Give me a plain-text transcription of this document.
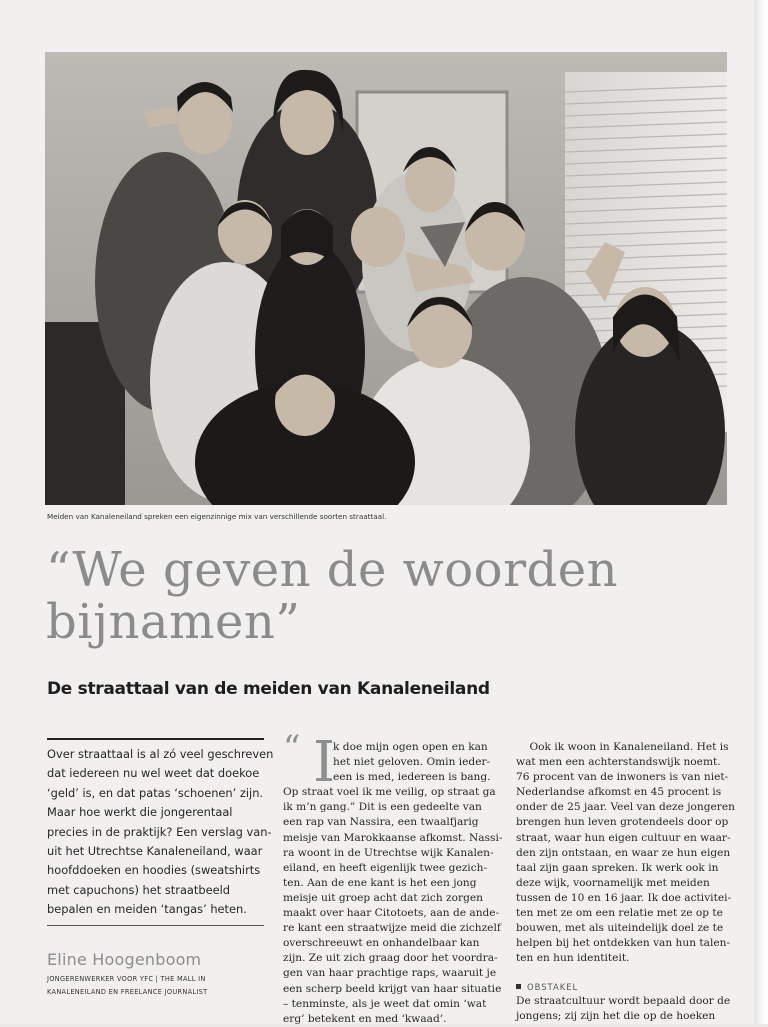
Meiden van Kanaleneiland spreken een eigenzinnige mix van verschillende soorten straattaal.
“We geven de woorden
bijnamen”
De straattaal van de meiden van Kanaleneiland
Over straattaal is al zó veel geschreven
dat iedereen nu wel weet dat doekoe
‘geld’ is, en dat patas ‘schoenen’ zijn.
Maar hoe werkt die jongerentaal
precies in de praktijk? Een verslag van-
uit het Utrechtse Kanaleneiland, waar
hoofddoeken en hoodies (sweatshirts
met capuchons) het straatbeeld
bepalen en meiden ‘tangas’ heten.
Eline Hoogenboom
JONGERENWERKER VOOR YFC | THE MALL IN
KANALENEILAND EN FREELANCE JOURNALIST
“ I
k doe mijn ogen open en kan
het niet geloven. Omin ieder-
een is med, iedereen is bang.
Op straat voel ik me veilig, op straat ga
ik m’n gang.” Dit is een gedeelte van
een rap van Nassira, een twaalfjarig
meisje van Marokkaanse afkomst. Nassi-
ra woont in de Utrechtse wijk Kanalen-
eiland, en heeft eigenlijk twee gezich-
ten. Aan de ene kant is het een jong
meisje uit groep acht dat zich zorgen
maakt over haar Citotoets, aan de ande-
re kant een straatwijze meid die zichzelf
overschreeuwt en onhandelbaar kan
zijn. Ze uit zich graag door het voordra-
gen van haar prachtige raps, waaruit je
een scherp beeld krijgt van haar situatie
– tenminste, als je weet dat omin ‘wat
erg’ betekent en med ‘kwaad’.
Ook ik woon in Kanaleneiland. Het is
wat men een achterstandswijk noemt.
76 procent van de inwoners is van niet-
Nederlandse afkomst en 45 procent is
onder de 25 jaar. Veel van deze jongeren
brengen hun leven grotendeels door op
straat, waar hun eigen cultuur en waar-
den zijn ontstaan, en waar ze hun eigen
taal zijn gaan spreken. Ik werk ook in
deze wijk, voornamelijk met meiden
tussen de 10 en 16 jaar. Ik doe activitei-
ten met ze om een relatie met ze op te
bouwen, met als uiteindelijk doel ze te
helpen bij het ontdekken van hun talen-
ten en hun identiteit.
OBSTAKEL
De straatcultuur wordt bepaald door de
jongens; zij zijn het die op de hoeken
